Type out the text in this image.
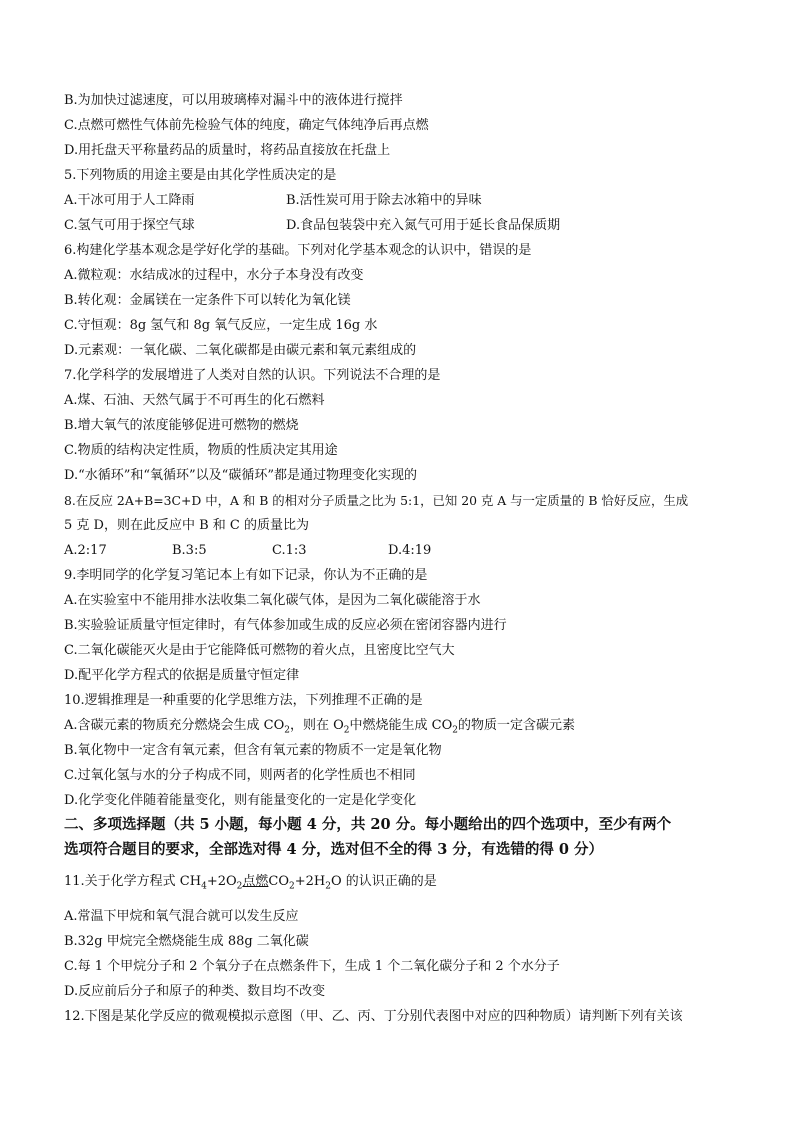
B.为加快过滤速度，可以用玻璃棒对漏斗中的液体进行搅拌
C.点燃可燃性气体前先检验气体的纯度，确定气体纯净后再点燃
D.用托盘天平称量药品的质量时，将药品直接放在托盘上
5.下列物质的用途主要是由其化学性质决定的是
A.干冰可用于人工降雨	B.活性炭可用于除去冰箱中的异味
C.氢气可用于探空气球	D.食品包装袋中充入氮气可用于延长食品保质期
6.构建化学基本观念是学好化学的基础。下列对化学基本观念的认识中，错误的是
A.微粒观：水结成冰的过程中，水分子本身没有改变
B.转化观：金属镁在一定条件下可以转化为氧化镁
C.守恒观：8g 氢气和 8g 氧气反应，一定生成 16g 水
D.元素观：一氧化碳、二氧化碳都是由碳元素和氧元素组成的
7.化学科学的发展增进了人类对自然的认识。下列说法不合理的是
A.煤、石油、天然气属于不可再生的化石燃料
B.增大氧气的浓度能够促进可燃物的燃烧
C.物质的结构决定性质，物质的性质决定其用途
D.“水循环”和“氧循环”以及“碳循环”都是通过物理变化实现的
8.在反应 2A+B=3C+D 中，A 和 B 的相对分子质量之比为 5:1，已知 20 克 A 与一定质量的 B 恰好反应，生成
5 克 D，则在此反应中 B 和 C 的质量比为
A.2:17	B.3:5	C.1:3	D.4:19
9.李明同学的化学复习笔记本上有如下记录，你认为不正确的是
A.在实验室中不能用排水法收集二氧化碳气体，是因为二氧化碳能溶于水
B.实验验证质量守恒定律时，有气体参加或生成的反应必须在密闭容器内进行
C.二氧化碳能灭火是由于它能降低可燃物的着火点，且密度比空气大
D.配平化学方程式的依据是质量守恒定律
10.逻辑推理是一种重要的化学思维方法，下列推理不正确的是
A.含碳元素的物质充分燃烧会生成 $CO_2$，则在 $O_2$中燃烧能生成 $CO_2$的物质一定含碳元素
B.氧化物中一定含有氧元素，但含有氧元素的物质不一定是氧化物
C.过氧化氢与水的分子构成不同，则两者的化学性质也不相同
D.化学变化伴随着能量变化，则有能量变化的一定是化学变化
二、多项选择题（共 5 小题，每小题 4 分，共 20 分。每小题给出的四个选项中，至少有两个
选项符合题目的要求，全部选对得 4 分，选对但不全的得 3 分，有选错的得 0 分）
11.关于化学方程式 $CH_4+2O_2$点燃$CO_2+2H_2O$ 的认识正确的是
A.常温下甲烷和氧气混合就可以发生反应
B.32g 甲烷完全燃烧能生成 88g 二氧化碳
C.每 1 个甲烷分子和 2 个氧分子在点燃条件下，生成 1 个二氧化碳分子和 2 个水分子
D.反应前后分子和原子的种类、数目均不改变
12.下图是某化学反应的微观模拟示意图（甲、乙、丙、丁分别代表图中对应的四种物质）请判断下列有关该
